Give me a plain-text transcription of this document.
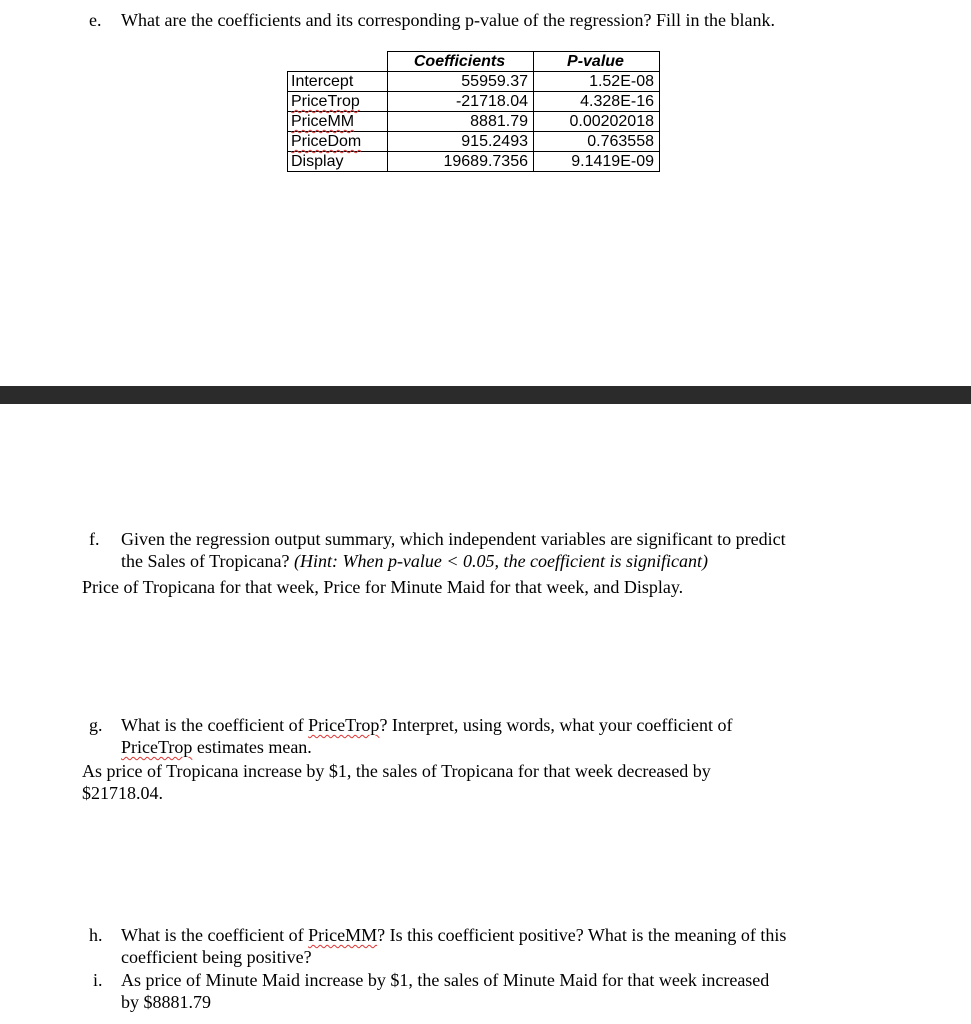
e. What are the coefficients and its corresponding p-value of the regression? Fill in the blank.
	Coefficients	P-value
Intercept	55959.37	1.52E-08
PriceTrop	-21718.04	4.328E-16
PriceMM	8881.79	0.00202018
PriceDom	915.2493	0.763558
Display	19689.7356	9.1419E-09
f. Given the regression output summary, which independent variables are significant to predict
the Sales of Tropicana? (Hint: When p-value < 0.05, the coefficient is significant)
Price of Tropicana for that week, Price for Minute Maid for that week, and Display.
g. What is the coefficient of PriceTrop? Interpret, using words, what your coefficient of
PriceTrop estimates mean.
As price of Tropicana increase by $1, the sales of Tropicana for that week decreased by
$21718.04.
h. What is the coefficient of PriceMM? Is this coefficient positive? What is the meaning of this
coefficient being positive?
i. As price of Minute Maid increase by $1, the sales of Minute Maid for that week increased
by $8881.79
